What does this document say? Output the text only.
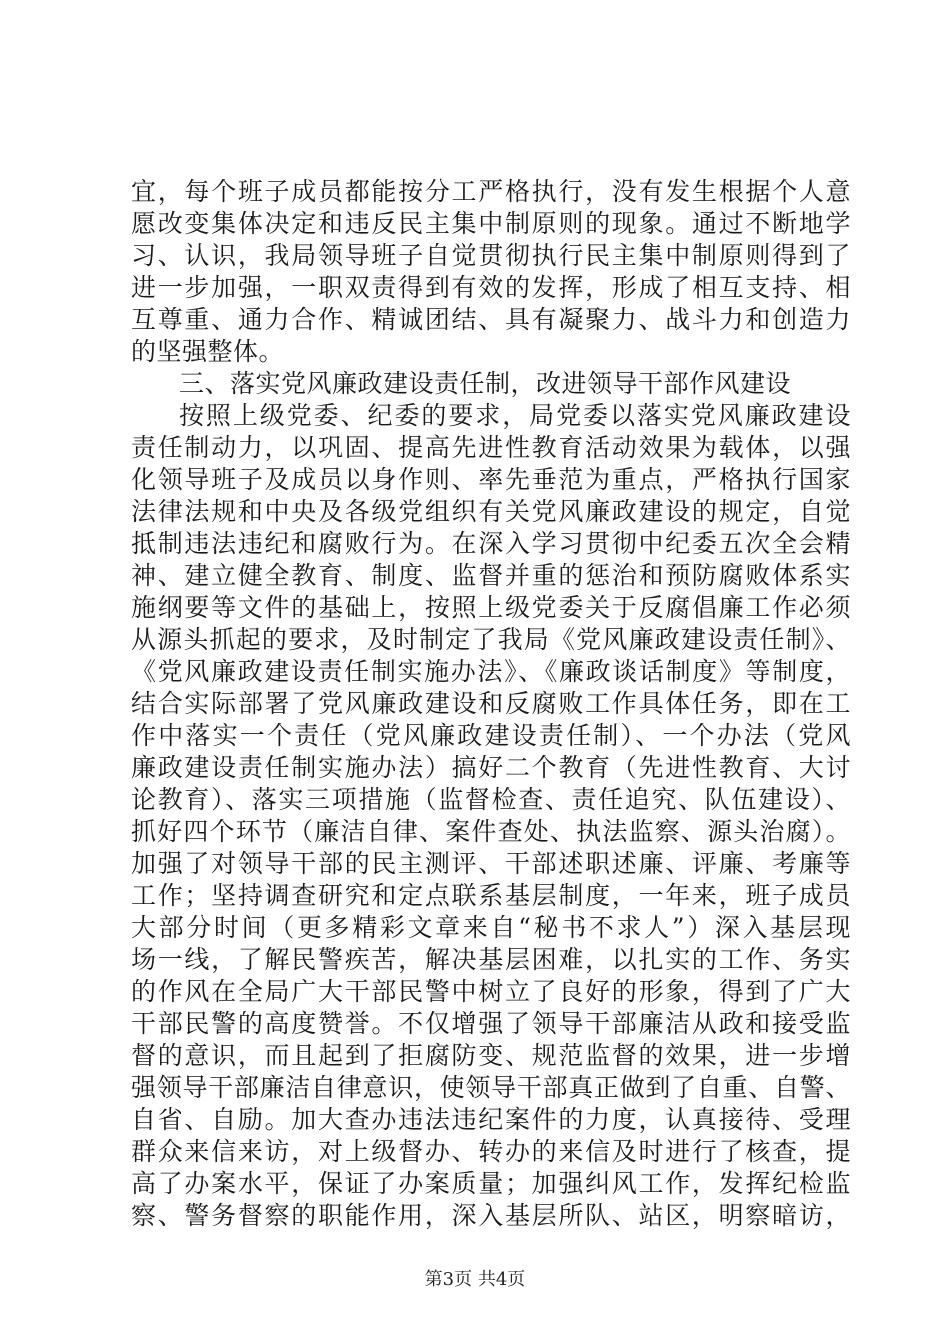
宜，每个班子成员都能按分工严格执行，没有发生根据个人意
愿改变集体决定和违反民主集中制原则的现象。通过不断地学
习、认识，我局领导班子自觉贯彻执行民主集中制原则得到了
进一步加强，一职双责得到有效的发挥，形成了相互支持、相
互尊重、通力合作、精诚团结、具有凝聚力、战斗力和创造力
的坚强整体。
三、落实党风廉政建设责任制，改进领导干部作风建设
按照上级党委、纪委的要求，局党委以落实党风廉政建设
责任制动力，以巩固、提高先进性教育活动效果为载体，以强
化领导班子及成员以身作则、率先垂范为重点，严格执行国家
法律法规和中央及各级党组织有关党风廉政建设的规定，自觉
抵制违法违纪和腐败行为。在深入学习贯彻中纪委五次全会精
神、建立健全教育、制度、监督并重的惩治和预防腐败体系实
施纲要等文件的基础上，按照上级党委关于反腐倡廉工作必须
从源头抓起的要求，及时制定了我局《党风廉政建设责任制》、
《党风廉政建设责任制实施办法》、《廉政谈话制度》等制度，
结合实际部署了党风廉政建设和反腐败工作具体任务，即在工
作中落实一个责任（党风廉政建设责任制）、一个办法（党风
廉政建设责任制实施办法）搞好二个教育（先进性教育、大讨
论教育）、落实三项措施（监督检查、责任追究、队伍建设）、
抓好四个环节（廉洁自律、案件查处、执法监察、源头治腐）。
加强了对领导干部的民主测评、干部述职述廉、评廉、考廉等
工作；坚持调查研究和定点联系基层制度，一年来，班子成员
大部分时间（更多精彩文章来自“秘书不求人”）深入基层现
场一线，了解民警疾苦，解决基层困难，以扎实的工作、务实
的作风在全局广大干部民警中树立了良好的形象，得到了广大
干部民警的高度赞誉。不仅增强了领导干部廉洁从政和接受监
督的意识，而且起到了拒腐防变、规范监督的效果，进一步增
强领导干部廉洁自律意识，使领导干部真正做到了自重、自警、
自省、自励。加大查办违法违纪案件的力度，认真接待、受理
群众来信来访，对上级督办、转办的来信及时进行了核查，提
高了办案水平，保证了办案质量；加强纠风工作，发挥纪检监
察、警务督察的职能作用，深入基层所队、站区，明察暗访，
第3页 共4页
